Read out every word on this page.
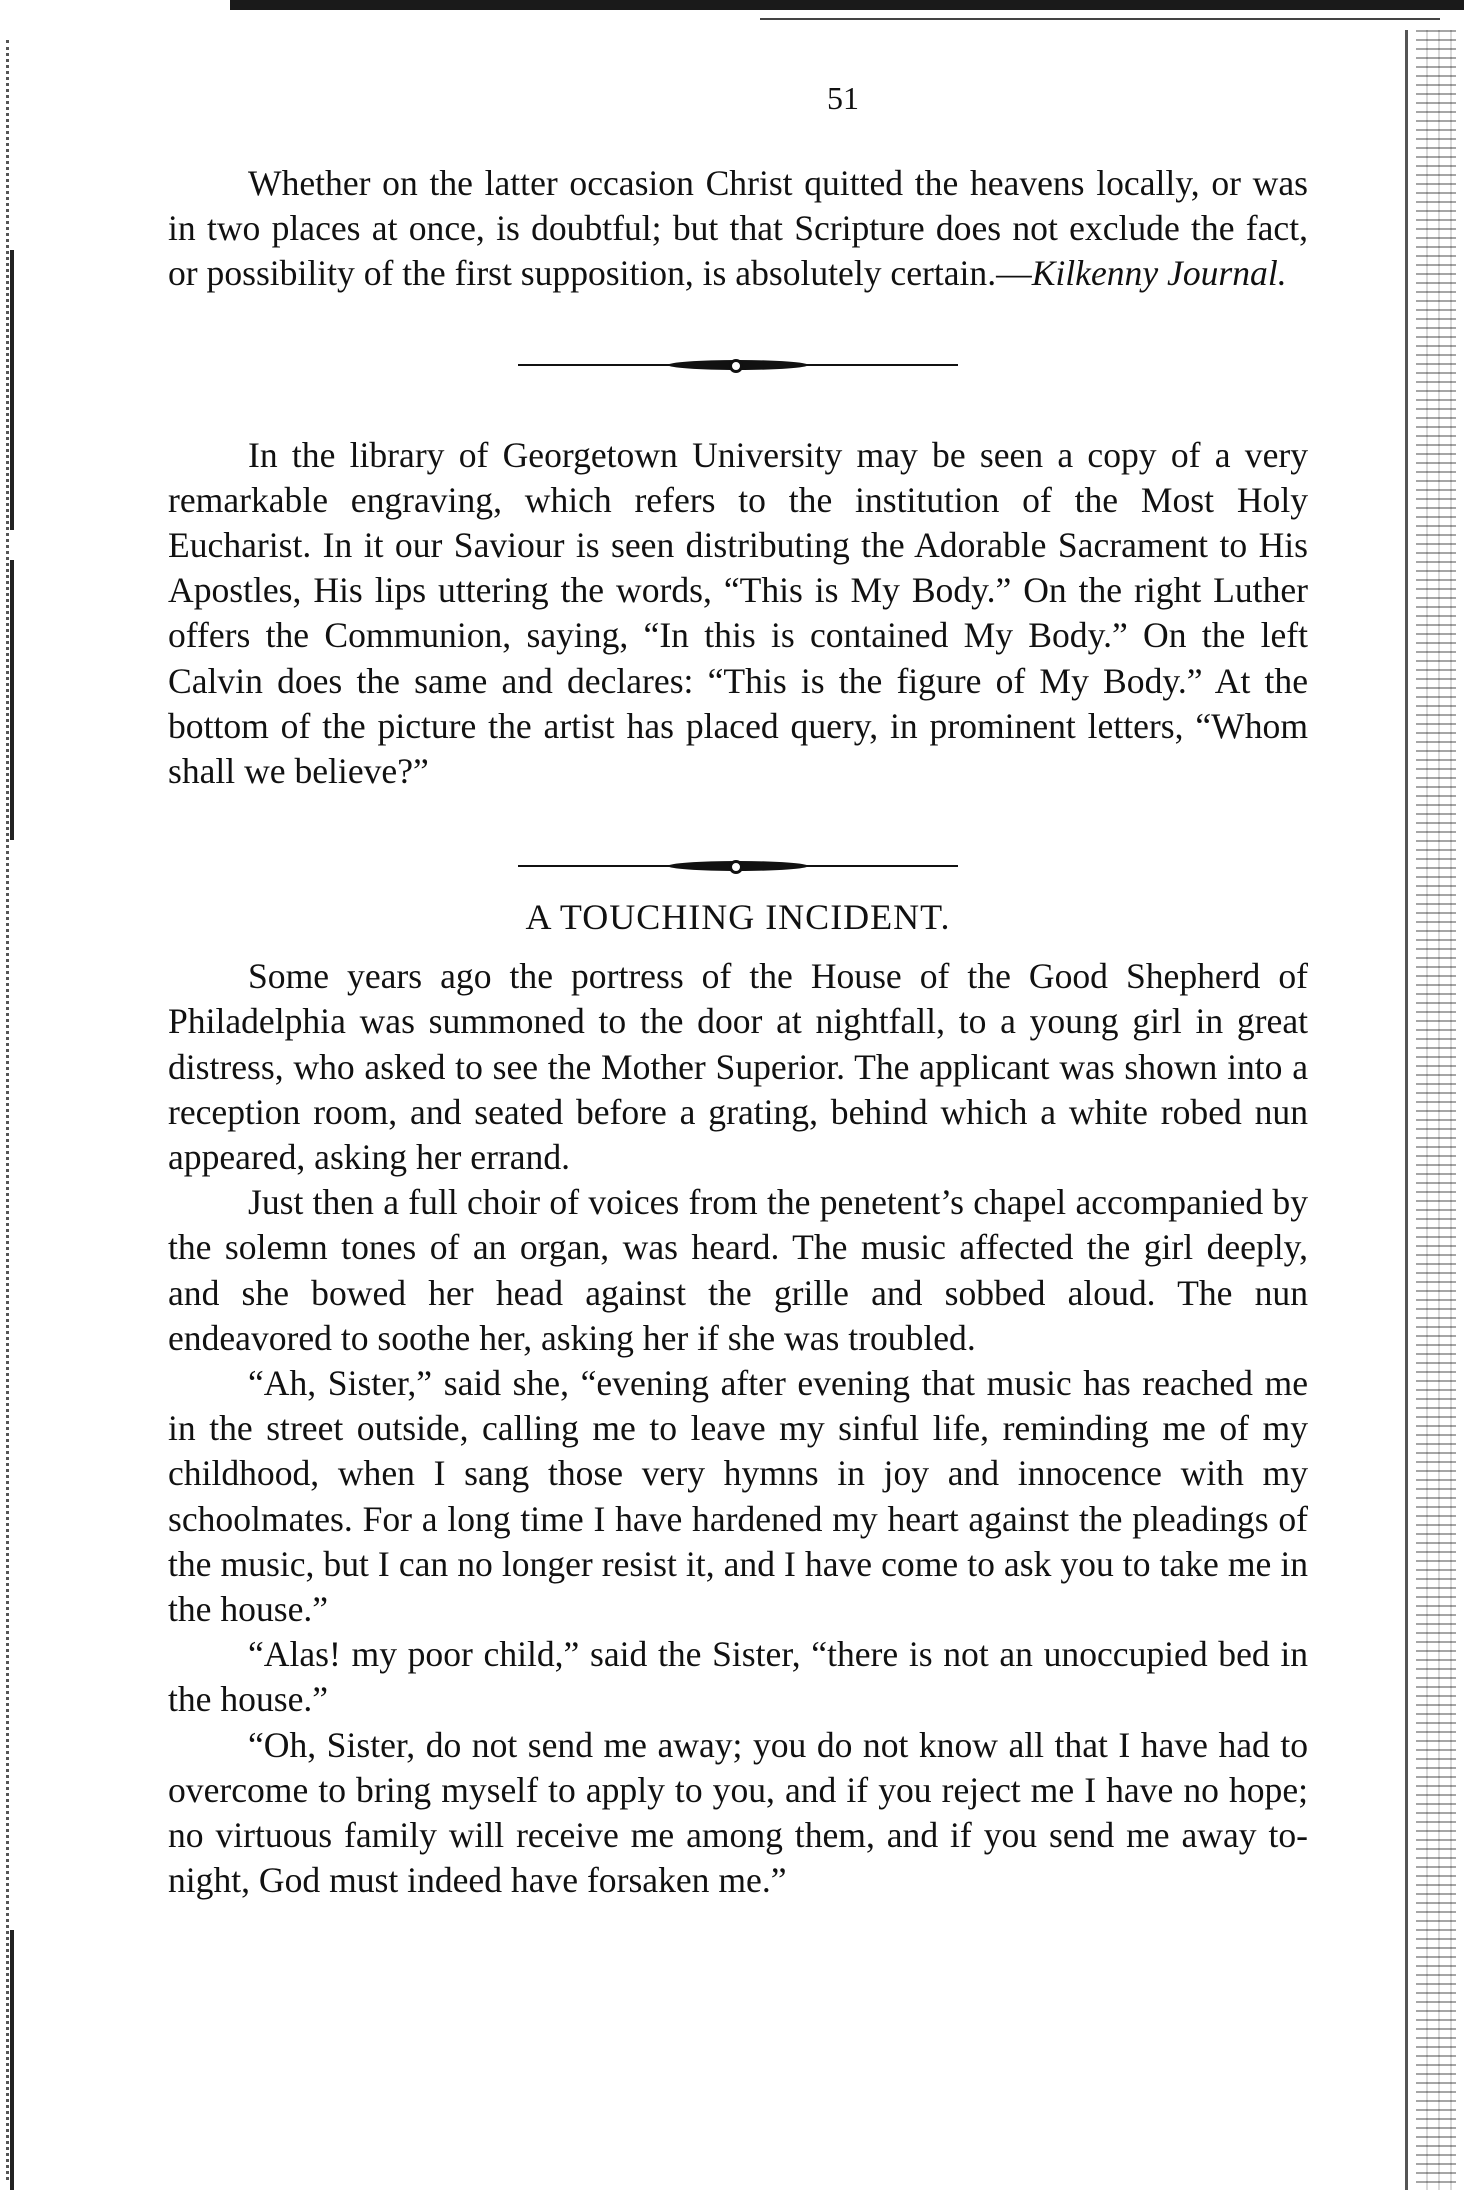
51

Whether on the latter occasion Christ quitted the heavens locally, or was in two places at once, is doubtful; but that Scripture does not exclude the fact, or possibility of the first supposition, is absolutely certain.—Kilkenny Journal.

In the library of Georgetown University may be seen a copy of a very remarkable engraving, which refers to the institution of the Most Holy Eucharist. In it our Saviour is seen distributing the Adorable Sacrament to His Apostles, His lips uttering the words, “This is My Body.” On the right Luther offers the Communion, saying, “In this is contained My Body.” On the left Calvin does the same and declares: “This is the figure of My Body.” At the bottom of the picture the artist has placed query, in prominent letters, “Whom shall we believe?”

A TOUCHING INCIDENT.

Some years ago the portress of the House of the Good Shepherd of Philadelphia was summoned to the door at nightfall, to a young girl in great distress, who asked to see the Mother Superior. The applicant was shown into a reception room, and seated before a grating, behind which a white robed nun appeared, asking her errand.

Just then a full choir of voices from the penetent’s chapel accompanied by the solemn tones of an organ, was heard. The music affected the girl deeply, and she bowed her head against the grille and sobbed aloud. The nun endeavored to soothe her, asking her if she was troubled.

“Ah, Sister,” said she, “evening after evening that music has reached me in the street outside, calling me to leave my sinful life, reminding me of my childhood, when I sang those very hymns in joy and innocence with my schoolmates. For a long time I have hardened my heart against the pleadings of the music, but I can no longer resist it, and I have come to ask you to take me in the house.”

“Alas! my poor child,” said the Sister, “there is not an unoccupied bed in the house.”

“Oh, Sister, do not send me away; you do not know all that I have had to overcome to bring myself to apply to you, and if you reject me I have no hope; no virtuous family will receive me among them, and if you send me away to-night, God must indeed have forsaken me.”
